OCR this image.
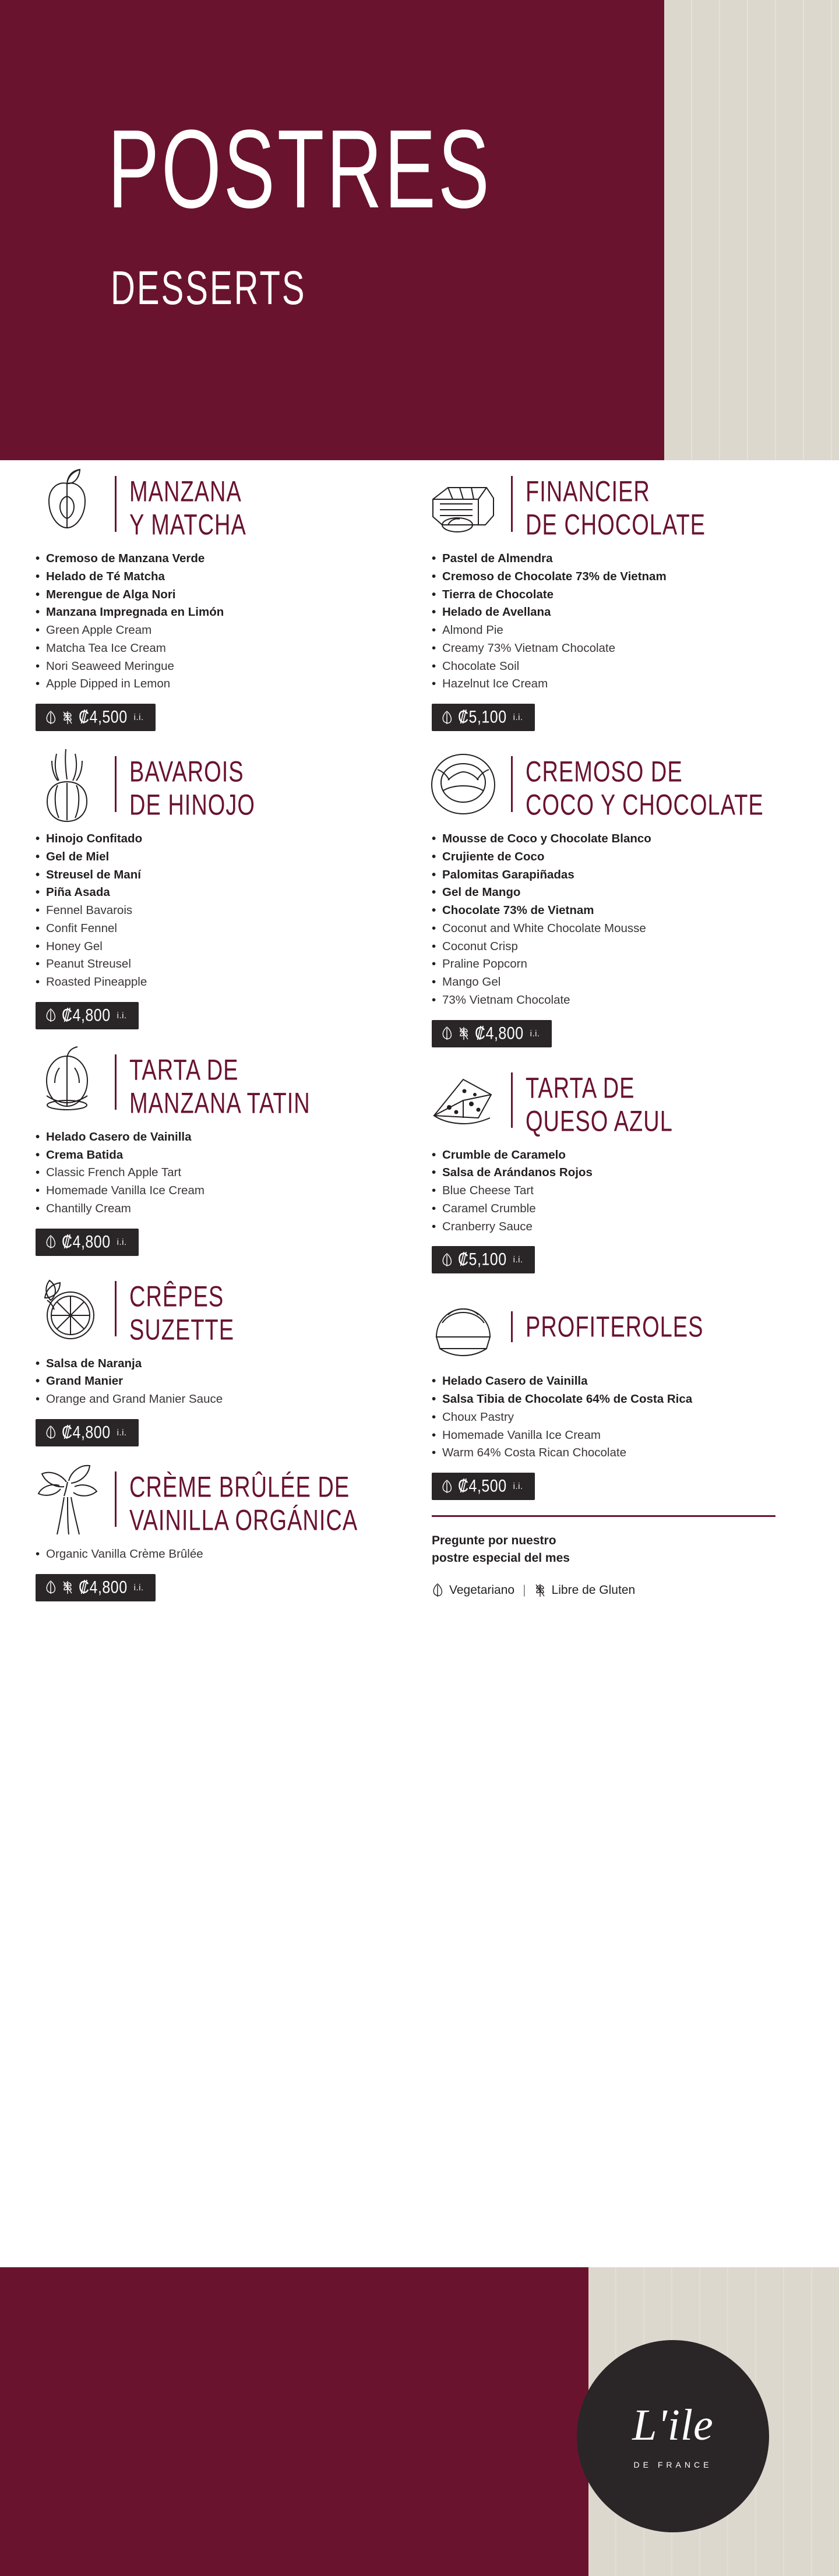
POSTRES
DESSERTS
MANZANA
Y MATCHA
• Cremoso de Manzana Verde
• Helado de Té Matcha
• Merengue de Alga Nori
• Manzana Impregnada en Limón
• Green Apple Cream
• Matcha Tea Ice Cream
• Nori Seaweed Meringue
• Apple Dipped in Lemon
₡4,500 i.i.
BAVAROIS
DE HINOJO
• Hinojo Confitado
• Gel de Miel
• Streusel de Maní
• Piña Asada
• Fennel Bavarois
• Confit Fennel
• Honey Gel
• Peanut Streusel
• Roasted Pineapple
₡4,800 i.i.
TARTA DE
MANZANA TATIN
• Helado Casero de Vainilla
• Crema Batida
• Classic French Apple Tart
• Homemade Vanilla Ice Cream
• Chantilly Cream
₡4,800 i.i.
CRÊPES
SUZETTE
• Salsa de Naranja
• Grand Manier
• Orange and Grand Manier Sauce
₡4,800 i.i.
CRÈME BRÛLÉE DE
VAINILLA ORGÁNICA
• Organic Vanilla Crème Brûlée
₡4,800 i.i.
FINANCIER
DE CHOCOLATE
• Pastel de Almendra
• Cremoso de Chocolate 73% de Vietnam
• Tierra de Chocolate
• Helado de Avellana
• Almond Pie
• Creamy 73% Vietnam Chocolate
• Chocolate Soil
• Hazelnut Ice Cream
₡5,100 i.i.
CREMOSO DE
COCO Y CHOCOLATE
• Mousse de Coco y Chocolate Blanco
• Crujiente de Coco
• Palomitas Garapiñadas
• Gel de Mango
• Chocolate 73% de Vietnam
• Coconut and White Chocolate Mousse
• Coconut Crisp
• Praline Popcorn
• Mango Gel
• 73% Vietnam Chocolate
₡4,800 i.i.
TARTA DE
QUESO AZUL
• Crumble de Caramelo
• Salsa de Arándanos Rojos
• Blue Cheese Tart
• Caramel Crumble
• Cranberry Sauce
₡5,100 i.i.
PROFITEROLES
• Helado Casero de Vainilla
• Salsa Tibia de Chocolate 64% de Costa Rica
• Choux Pastry
• Homemade Vanilla Ice Cream
• Warm 64% Costa Rican Chocolate
₡4,500 i.i.
Pregunte por nuestro
postre especial del mes
Vegetariano | Libre de Gluten
L'ile
DE FRANCE
